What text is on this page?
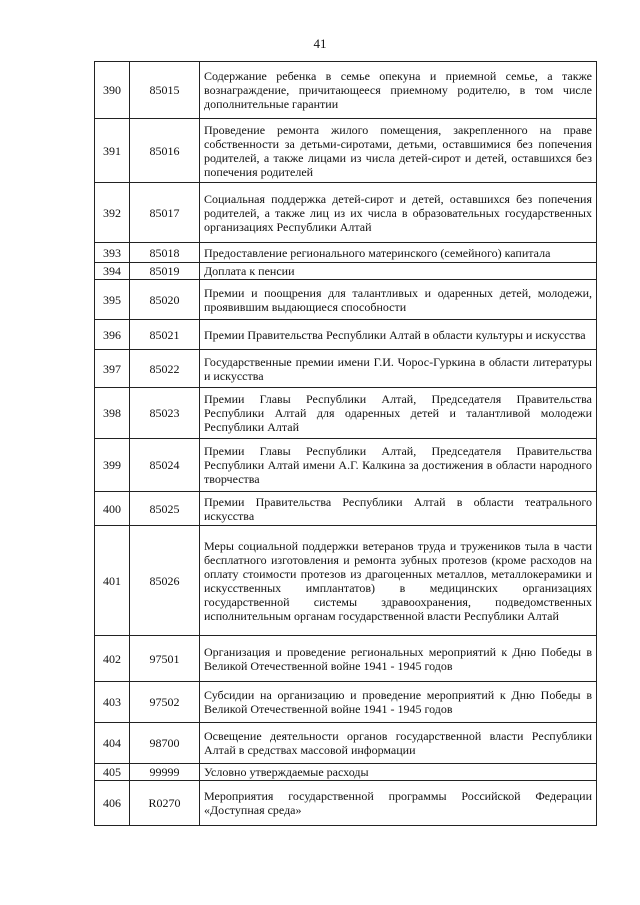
41
390	85015	Содержание ребенка в семье опекуна и приемной семье, а также вознаграждение, причитающееся приемному родителю, в том числе дополнительные гарантии
391	85016	Проведение ремонта жилого помещения, закрепленного на праве собственности за детьми-сиротами, детьми, оставшимися без попечения родителей, а также лицами из числа детей-сирот и детей, оставшихся без попечения родителей
392	85017	Социальная поддержка детей-сирот и детей, оставшихся без попечения родителей, а также лиц из их числа в образовательных государственных организациях Республики Алтай
393	85018	Предоставление регионального материнского (семейного) капитала
394	85019	Доплата к пенсии
395	85020	Премии и поощрения для талантливых и одаренных детей, молодежи, проявившим выдающиеся способности
396	85021	Премии Правительства Республики Алтай в области культуры и искусства
397	85022	Государственные премии имени Г.И. Чорос-Гуркина в области литературы и искусства
398	85023	Премии Главы Республики Алтай, Председателя Правительства Республики Алтай для одаренных детей и талантливой молодежи Республики Алтай
399	85024	Премии Главы Республики Алтай, Председателя Правительства Республики Алтай имени А.Г. Калкина за достижения в области народного творчества
400	85025	Премии Правительства Республики Алтай в области театрального искусства
401	85026	Меры социальной поддержки ветеранов труда и тружеников тыла в части бесплатного изготовления и ремонта зубных протезов (кроме расходов на оплату стоимости протезов из драгоценных металлов, металлокерамики и искусственных имплантатов) в медицинских организациях государственной системы здравоохранения, подведомственных исполнительным органам государственной власти Республики Алтай
402	97501	Организация и проведение региональных мероприятий к Дню Победы в Великой Отечественной войне 1941 - 1945 годов
403	97502	Субсидии на организацию и проведение мероприятий к Дню Победы в Великой Отечественной войне 1941 - 1945 годов
404	98700	Освещение деятельности органов государственной власти Республики Алтай в средствах массовой информации
405	99999	Условно утверждаемые расходы
406	R0270	Мероприятия государственной программы Российской Федерации «Доступная среда»
